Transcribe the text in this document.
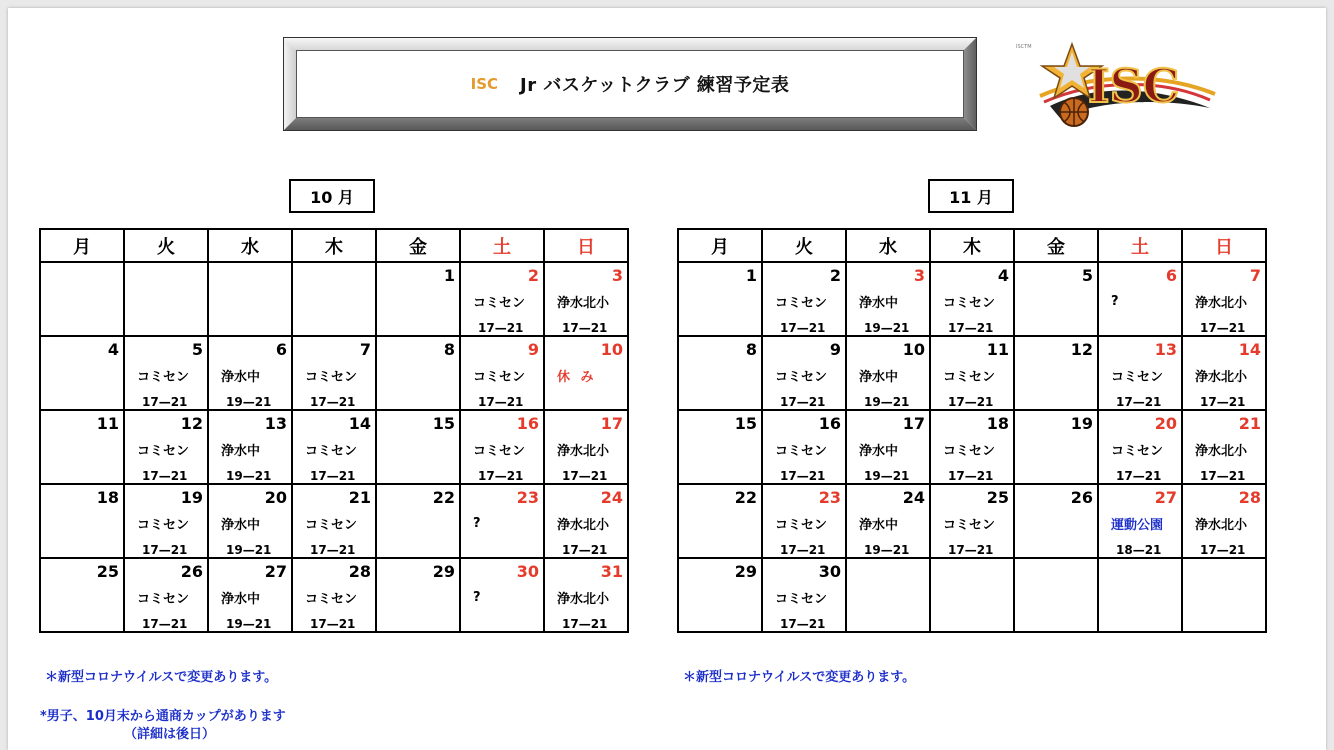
ISC Jr バスケットクラブ 練習予定表
ISCTM
ISC
10 月	11 月
月	火	水	木	金	土	日
				1	2	3
					コミセン	浄水北小
					17—21	17—21
4	5	6	7	8	9	10
	コミセン	浄水中	コミセン		コミセン	休 み
	17—21	19—21	17—21		17—21	
11	12	13	14	15	16	17
	コミセン	浄水中	コミセン		コミセン	浄水北小
	17—21	19—21	17—21		17—21	17—21
18	19	20	21	22	23	24
	コミセン	浄水中	コミセン		?	浄水北小
	17—21	19—21	17—21			17—21
25	26	27	28	29	30	31
	コミセン	浄水中	コミセン		?	浄水北小
	17—21	19—21	17—21			17—21
月	火	水	木	金	土	日
1	2	3	4	5	6	7
	コミセン	浄水中	コミセン		?	浄水北小
	17—21	19—21	17—21			17—21
8	9	10	11	12	13	14
	コミセン	浄水中	コミセン		コミセン	浄水北小
	17—21	19—21	17—21		17—21	17—21
15	16	17	18	19	20	21
	コミセン	浄水中	コミセン		コミセン	浄水北小
	17—21	19—21	17—21		17—21	17—21
22	23	24	25	26	27	28
	コミセン	浄水中	コミセン		運動公園	浄水北小
	17—21	19—21	17—21		18—21	17—21
29	30					
	コミセン					
	17—21					
＊新型コロナウイルスで変更あります。
*男子、10月末から通商カップがあります
（詳細は後日）
＊新型コロナウイルスで変更あります。
